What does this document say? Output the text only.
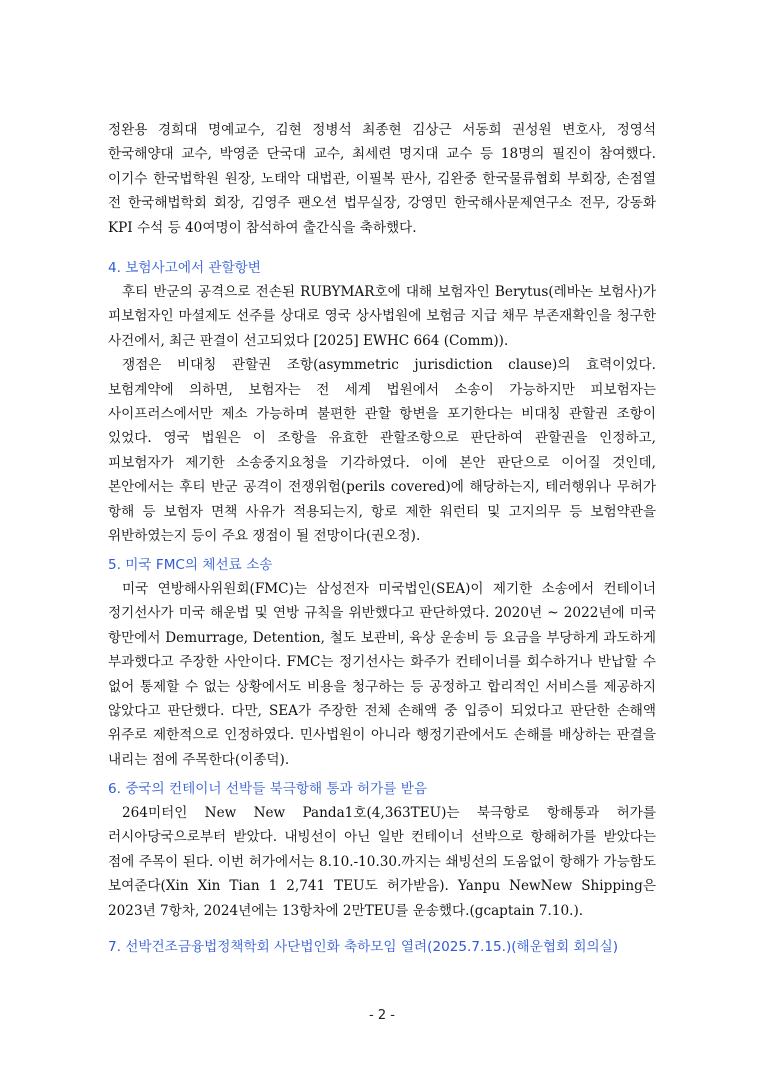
정완용 경희대 명예교수, 김현 정병석 최종현 김상근 서동희 권성원 변호사, 정영석 한국해양대 교수, 박영준 단국대 교수, 최세련 명지대 교수 등 18명의 필진이 참여했다. 이기수 한국법학원 원장, 노태악 대법관, 이필복 판사, 김완중 한국물류협회 부회장, 손점열 전 한국해법학회 회장, 김영주 팬오션 법무실장, 강영민 한국해사문제연구소 전무, 강동화 KPI 수석 등 40여명이 참석하여 출간식을 축하했다.

4. 보험사고에서 관할항변

후티 반군의 공격으로 전손된 RUBYMAR호에 대해 보험자인 Berytus(레바논 보험사)가 피보험자인 마셜제도 선주를 상대로 영국 상사법원에 보험금 지급 채무 부존재확인을 청구한 사건에서, 최근 판결이 선고되었다 [2025] EWHC 664 (Comm)).

쟁점은 비대칭 관할권 조항(asymmetric jurisdiction clause)의 효력이었다. 보험계약에 의하면, 보험자는 전 세계 법원에서 소송이 가능하지만 피보험자는 사이프러스에서만 제소 가능하며 불편한 관할 항변을 포기한다는 비대칭 관할권 조항이 있었다. 영국 법원은 이 조항을 유효한 관할조항으로 판단하여 관할권을 인정하고, 피보험자가 제기한 소송중지요청을 기각하였다. 이에 본안 판단으로 이어질 것인데, 본안에서는 후티 반군 공격이 전쟁위험(perils covered)에 해당하는지, 테러행위나 무허가 항해 등 보험자 면책 사유가 적용되는지, 항로 제한 워런티 및 고지의무 등 보험약관을 위반하였는지 등이 주요 쟁점이 될 전망이다(권오정).

5. 미국 FMC의 체선료 소송

미국 연방해사위원회(FMC)는 삼성전자 미국법인(SEA)이 제기한 소송에서 컨테이너 정기선사가 미국 해운법 및 연방 규칙을 위반했다고 판단하였다. 2020년 ~ 2022년에 미국 항만에서 Demurrage, Detention, 철도 보관비, 육상 운송비 등 요금을 부당하게 과도하게 부과했다고 주장한 사안이다. FMC는 정기선사는 화주가 컨테이너를 회수하거나 반납할 수 없어 통제할 수 없는 상황에서도 비용을 청구하는 등 공정하고 합리적인 서비스를 제공하지 않았다고 판단했다. 다만, SEA가 주장한 전체 손해액 중 입증이 되었다고 판단한 손해액 위주로 제한적으로 인정하였다. 민사법원이 아니라 행정기관에서도 손해를 배상하는 판결을 내리는 점에 주목한다(이종덕).

6. 중국의 컨테이너 선박들 북극항해 통과 허가를 받음

264미터인 New New Panda1호(4,363TEU)는 북극항로 항해통과 허가를 러시아당국으로부터 받았다. 내빙선이 아닌 일반 컨테이너 선박으로 항해허가를 받았다는 점에 주목이 된다. 이번 허가에서는 8.10.-10.30.까지는 쇄빙선의 도움없이 항해가 가능함도 보여준다(Xin Xin Tian 1 2,741 TEU도 허가받음). Yanpu NewNew Shipping은 2023년 7항차, 2024년에는 13항차에 2만TEU를 운송했다.(gcaptain 7.10.).

7. 선박건조금융법정책학회 사단법인화 축하모임 열려(2025.7.15.)(해운협회 회의실)
- 2 -
